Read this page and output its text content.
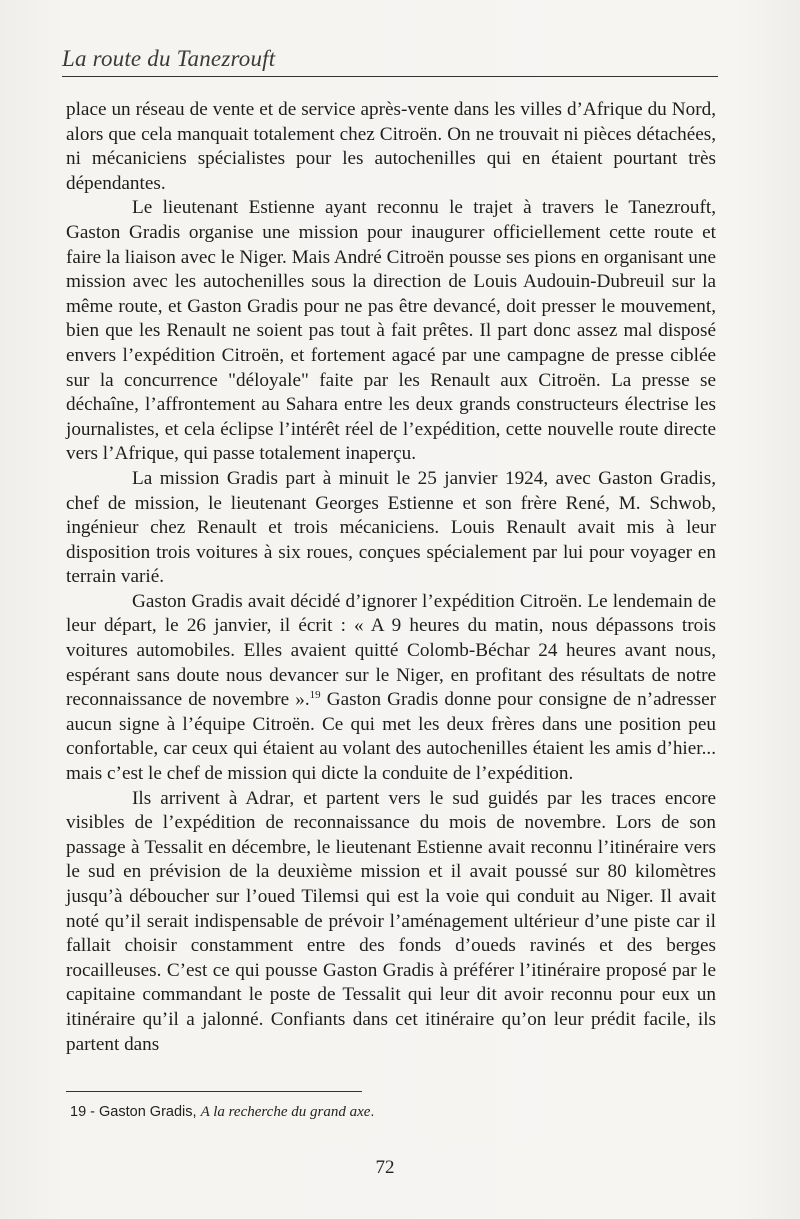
La route du Tanezrouft

place un réseau de vente et de service après-vente dans les villes d’Afrique du Nord, alors que cela manquait totalement chez Citroën. On ne trouvait ni pièces détachées, ni mécaniciens spécialistes pour les autochenilles qui en étaient pourtant très dépendantes.

Le lieutenant Estienne ayant reconnu le trajet à travers le Tanezrouft, Gaston Gradis organise une mission pour inaugurer officiellement cette route et faire la liaison avec le Niger. Mais André Citroën pousse ses pions en organisant une mission avec les autochenilles sous la direction de Louis Audouin-Dubreuil sur la même route, et Gaston Gradis pour ne pas être devancé, doit presser le mouvement, bien que les Renault ne soient pas tout à fait prêtes. Il part donc assez mal disposé envers l’expédition Citroën, et fortement agacé par une campagne de presse ciblée sur la concurrence "déloyale" faite par les Renault aux Citroën. La presse se déchaîne, l’affrontement au Sahara entre les deux grands constructeurs électrise les journalistes, et cela éclipse l’intérêt réel de l’expédition, cette nouvelle route directe vers l’Afrique, qui passe totalement inaperçu.

La mission Gradis part à minuit le 25 janvier 1924, avec Gaston Gradis, chef de mission, le lieutenant Georges Estienne et son frère René, M. Schwob, ingénieur chez Renault et trois mécaniciens. Louis Renault avait mis à leur disposition trois voitures à six roues, conçues spécialement par lui pour voyager en terrain varié.

Gaston Gradis avait décidé d’ignorer l’expédition Citroën. Le lendemain de leur départ, le 26 janvier, il écrit : « A 9 heures du matin, nous dépassons trois voitures automobiles. Elles avaient quitté Colomb-Béchar 24 heures avant nous, espérant sans doute nous devancer sur le Niger, en profitant des résultats de notre reconnaissance de novembre ».$^{19}$ Gaston Gradis donne pour consigne de n’adresser aucun signe à l’équipe Citroën. Ce qui met les deux frères dans une position peu confortable, car ceux qui étaient au volant des autochenilles étaient les amis d’hier... mais c’est le chef de mission qui dicte la conduite de l’expédition.

Ils arrivent à Adrar, et partent vers le sud guidés par les traces encore visibles de l’expédition de reconnaissance du mois de novembre. Lors de son passage à Tessalit en décembre, le lieutenant Estienne avait reconnu l’itinéraire vers le sud en prévision de la deuxième mission et il avait poussé sur 80 kilomètres jusqu’à déboucher sur l’oued Tilemsi qui est la voie qui conduit au Niger. Il avait noté qu’il serait indispensable de prévoir l’aménagement ultérieur d’une piste car il fallait choisir constamment entre des fonds d’oueds ravinés et des berges rocailleuses. C’est ce qui pousse Gaston Gradis à préférer l’itinéraire proposé par le capitaine commandant le poste de Tessalit qui leur dit avoir reconnu pour eux un itinéraire qu’il a jalonné. Confiants dans cet itinéraire qu’on leur prédit facile, ils partent dans

19 - Gaston Gradis, A la recherche du grand axe.
72
